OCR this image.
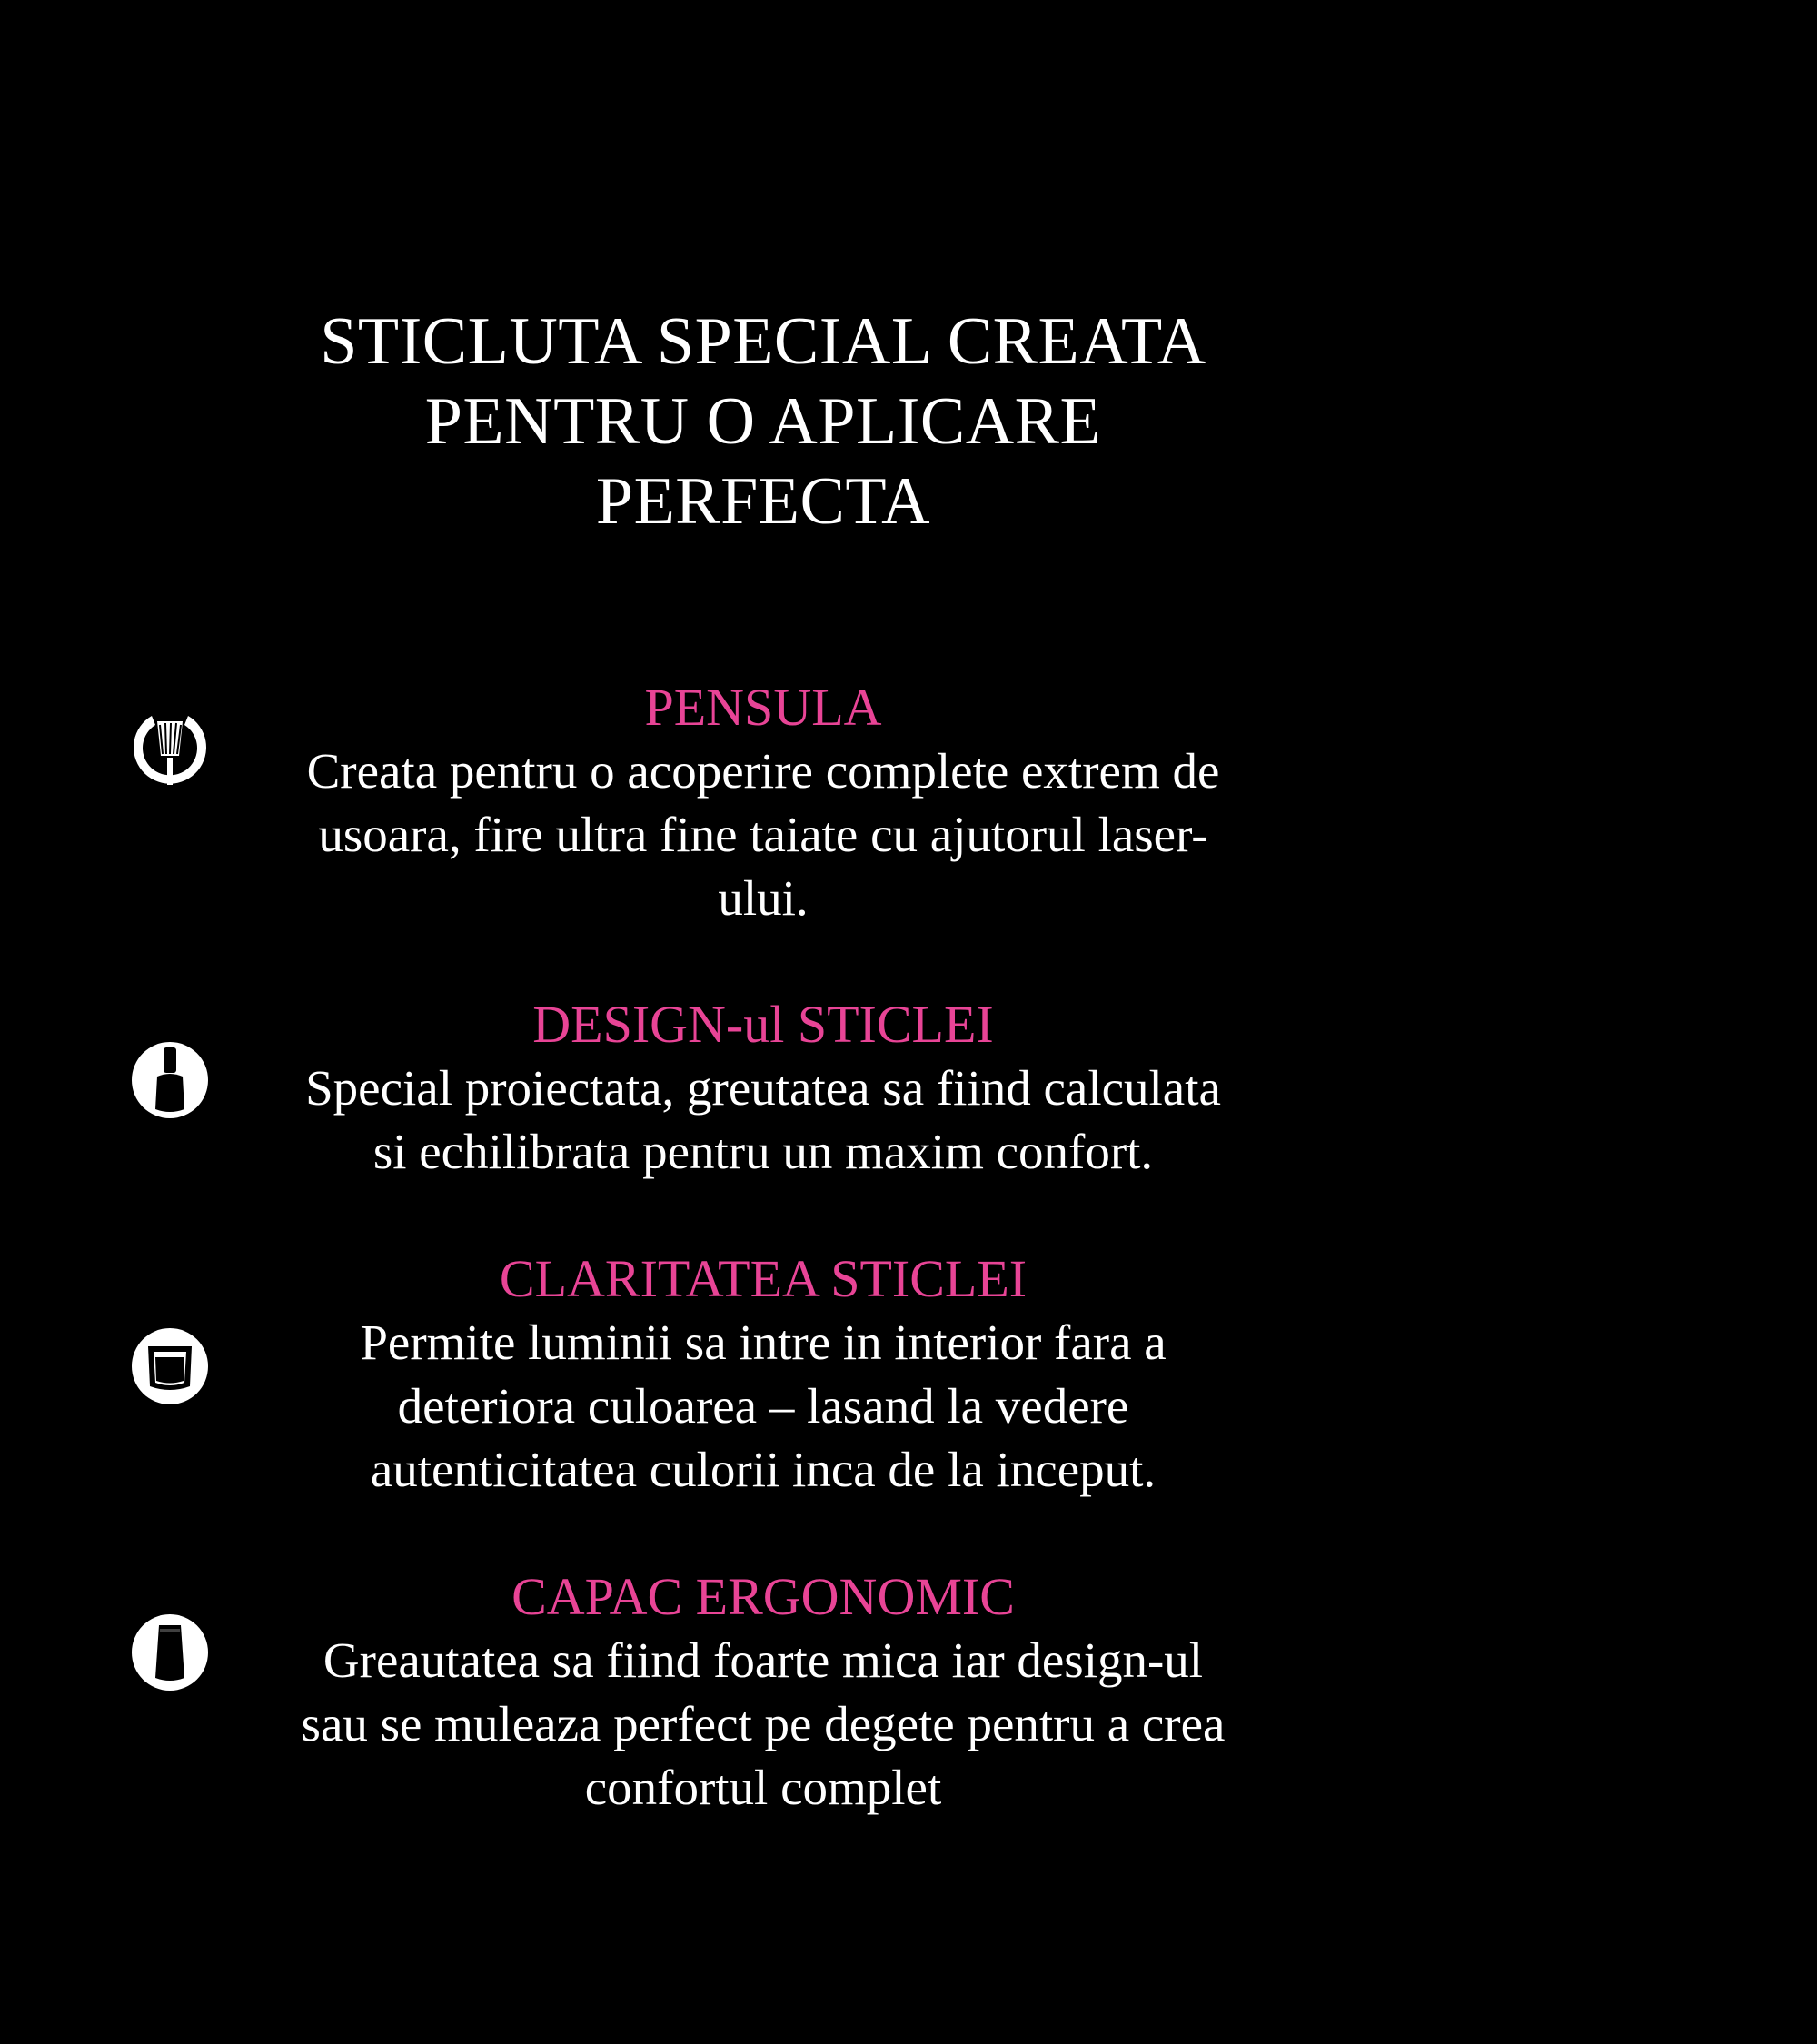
STICLUTA SPECIAL CREATA
PENTRU O APLICARE
PERFECTA
PENSULA
Creata pentru o acoperire complete extrem de
usoara, fire ultra fine taiate cu ajutorul laser-
ului.
DESIGN-ul STICLEI
Special proiectata, greutatea sa fiind calculata
si echilibrata pentru un maxim confort.
CLARITATEA STICLEI
Permite luminii sa intre in interior fara a
deteriora culoarea – lasand la vedere
autenticitatea culorii inca de la inceput.
CAPAC ERGONOMIC
Greautatea sa fiind foarte mica iar design-ul
sau se muleaza perfect pe degete pentru a crea
confortul complet
